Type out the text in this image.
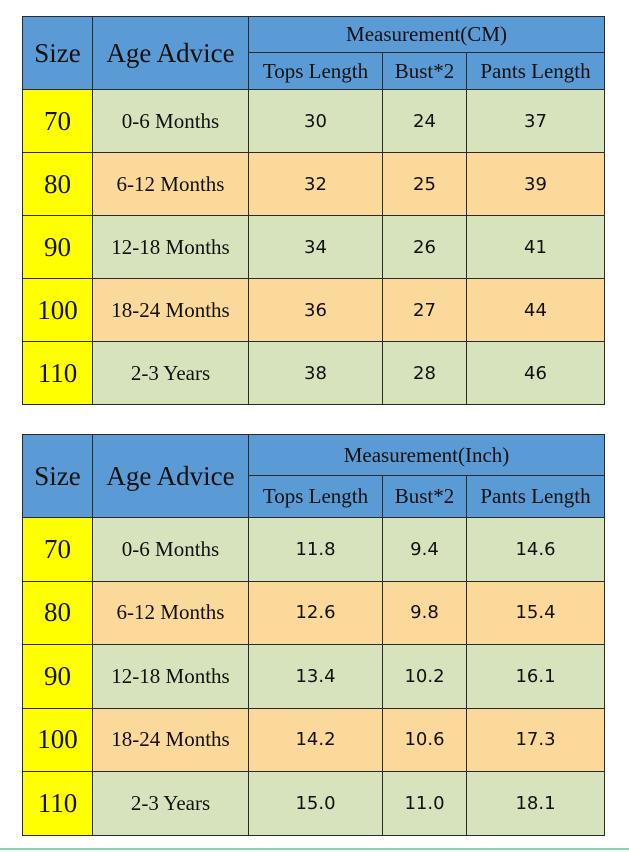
Size	Age Advice	Measurement(CM)		
		Tops Length	Bust*2	Pants Length
70	0-6 Months	30	24	37
80	6-12 Months	32	25	39
90	12-18 Months	34	26	41
100	18-24 Months	36	27	44
110	2-3 Years	38	28	46
Size	Age Advice	Measurement(Inch)		
		Tops Length	Bust*2	Pants Length
70	0-6 Months	11.8	9.4	14.6
80	6-12 Months	12.6	9.8	15.4
90	12-18 Months	13.4	10.2	16.1
100	18-24 Months	14.2	10.6	17.3
110	2-3 Years	15.0	11.0	18.1
